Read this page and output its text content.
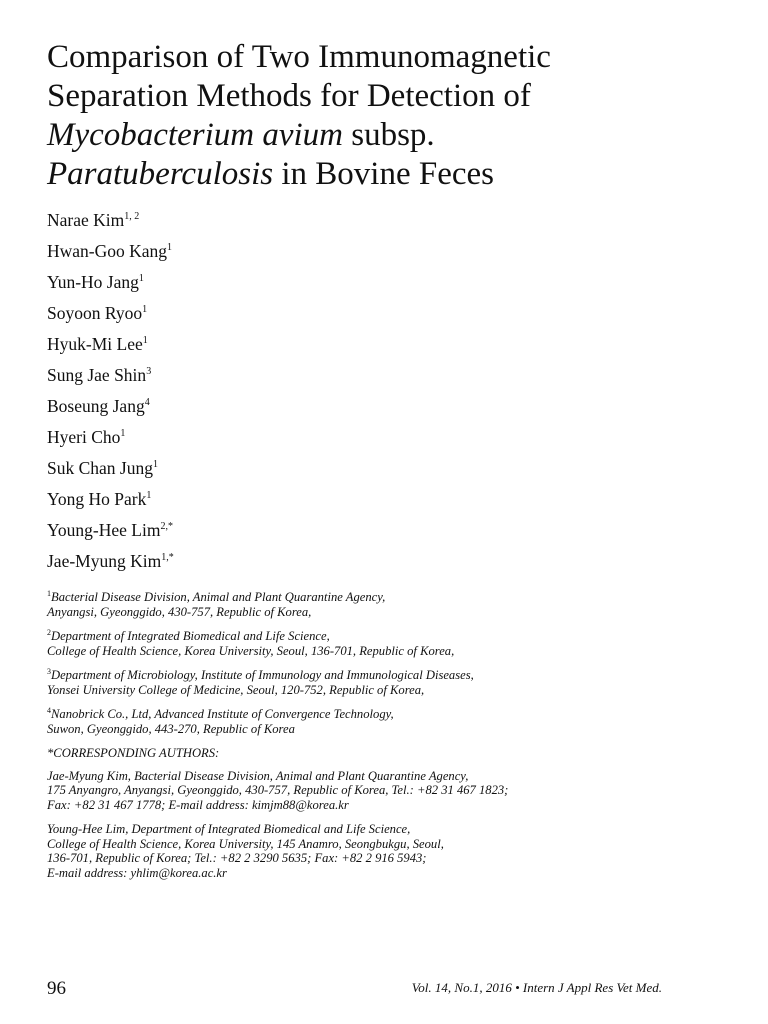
Comparison of Two Immunomagnetic
Separation Methods for Detection of
Mycobacterium avium subsp.
Paratuberculosis in Bovine Feces
Narae Kim$^{1, 2}$
Hwan-Goo Kang$^1$
Yun-Ho Jang$^1$
Soyoon Ryoo$^1$
Hyuk-Mi Lee$^1$
Sung Jae Shin$^3$
Boseung Jang$^4$
Hyeri Cho$^1$
Suk Chan Jung$^1$
Yong Ho Park$^1$
Young-Hee Lim$^{2,*}$
Jae-Myung Kim$^{1,*}$
$^1$Bacterial Disease Division, Animal and Plant Quarantine Agency,
Anyangsi, Gyeonggido, 430-757, Republic of Korea,
$^2$Department of Integrated Biomedical and Life Science,
College of Health Science, Korea University, Seoul, 136-701, Republic of Korea,
$^3$Department of Microbiology, Institute of Immunology and Immunological Diseases,
Yonsei University College of Medicine, Seoul, 120-752, Republic of Korea,
$^4$Nanobrick Co., Ltd, Advanced Institute of Convergence Technology,
Suwon, Gyeonggido, 443-270, Republic of Korea
*CORRESPONDING AUTHORS:
Jae-Myung Kim, Bacterial Disease Division, Animal and Plant Quarantine Agency,
175 Anyangro, Anyangsi, Gyeonggido, 430-757, Republic of Korea, Tel.: +82 31 467 1823;
Fax: +82 31 467 1778; E-mail address: kimjm88@korea.kr
Young-Hee Lim, Department of Integrated Biomedical and Life Science,
College of Health Science, Korea University, 145 Anamro, Seongbukgu, Seoul,
136-701, Republic of Korea; Tel.: +82 2 3290 5635; Fax: +82 2 916 5943;
E-mail address: yhlim@korea.ac.kr
96	Vol. 14, No.1, 2016 • Intern J Appl Res Vet Med.
